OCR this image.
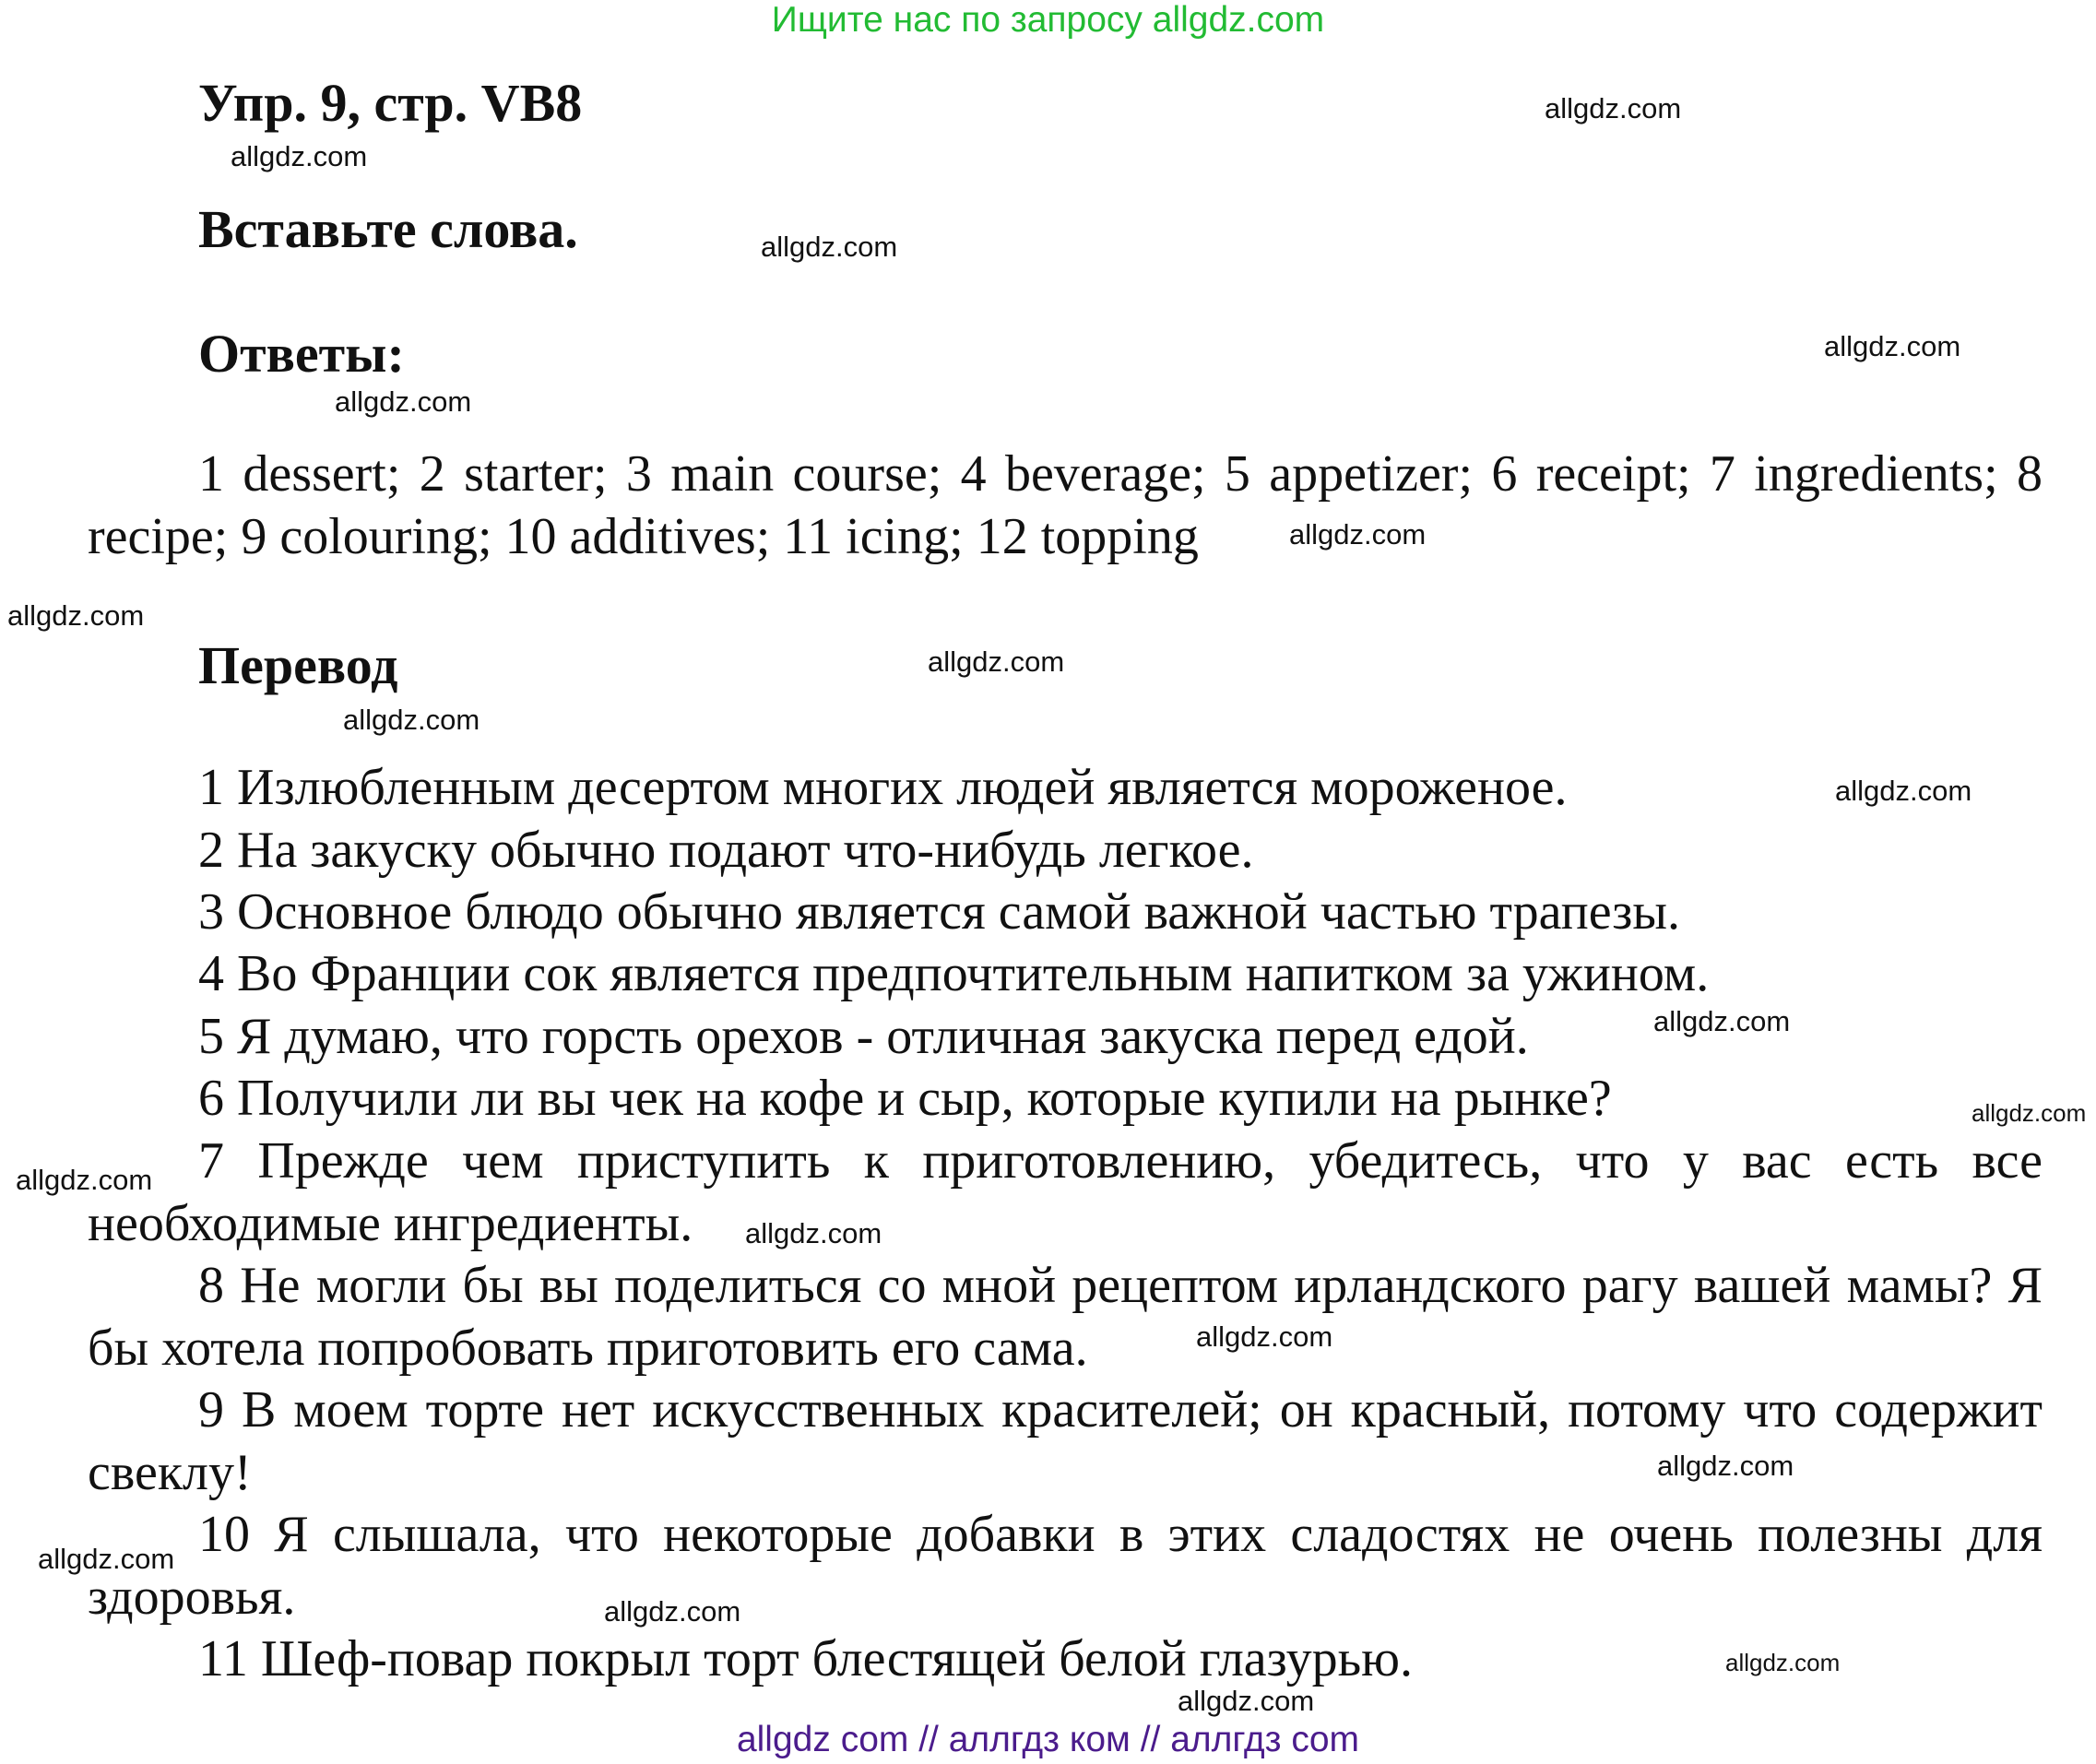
Ищите нас по запросу allgdz.com
Упр. 9, стр. VB8
Вставьте слова.
Ответы:

1 dessert; 2 starter; 3 main course; 4 beverage; 5 appetizer; 6 receipt; 7 ingredients; 8 recipe; 9 colouring; 10 additives; 11 icing; 12 topping

Перевод
1 Излюбленным десертом многих людей является мороженое.
2 На закуску обычно подают что-нибудь легкое.
3 Основное блюдо обычно является самой важной частью трапезы.
4 Во Франции сок является предпочтительным напитком за ужином.
5 Я думаю, что горсть орехов - отличная закуска перед едой.
6 Получили ли вы чек на кофе и сыр, которые купили на рынке?

7 Прежде чем приступить к приготовлению, убедитесь, что у вас есть все необходимые ингредиенты.

8 Не могли бы вы поделиться со мной рецептом ирландского рагу вашей мамы? Я бы хотела попробовать приготовить его сама.

9 В моем торте нет искусственных красителей; он красный, потому что содержит свеклу!

10 Я слышала, что некоторые добавки в этих сладостях не очень полезны для здоровья.

11 Шеф-повар покрыл торт блестящей белой глазурью.
allgdz.com
allgdz.com
allgdz.com
allgdz.com
allgdz.com
allgdz.com
allgdz.com
allgdz.com
allgdz.com
allgdz.com
allgdz.com
allgdz.com
allgdz.com
allgdz.com
allgdz.com
allgdz.com
allgdz.com
allgdz.com
allgdz.com
allgdz.com
allgdz com // аллгдз ком // аллгдз com
